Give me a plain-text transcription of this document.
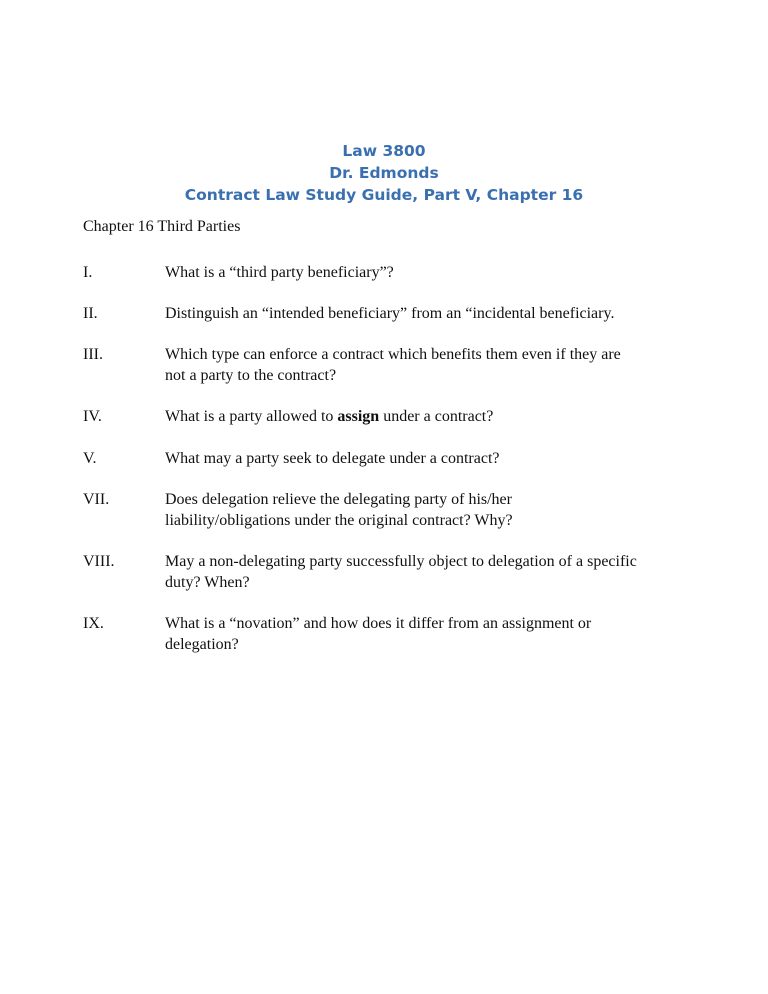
Law 3800
Dr. Edmonds
Contract Law Study Guide, Part V, Chapter 16
Chapter 16 Third Parties
I.	What is a “third party beneficiary”?
II.	Distinguish an “intended beneficiary” from an “incidental beneficiary.
III.	Which type can enforce a contract which benefits them even if they are not a party to the contract?
IV.	What is a party allowed to assign under a contract?
V.	What may a party seek to delegate under a contract?
VII.	Does delegation relieve the delegating party of his/her liability/obligations under the original contract? Why?
VIII.	May a non-delegating party successfully object to delegation of a specific duty? When?
IX.	What is a “novation” and how does it differ from an assignment or delegation?
